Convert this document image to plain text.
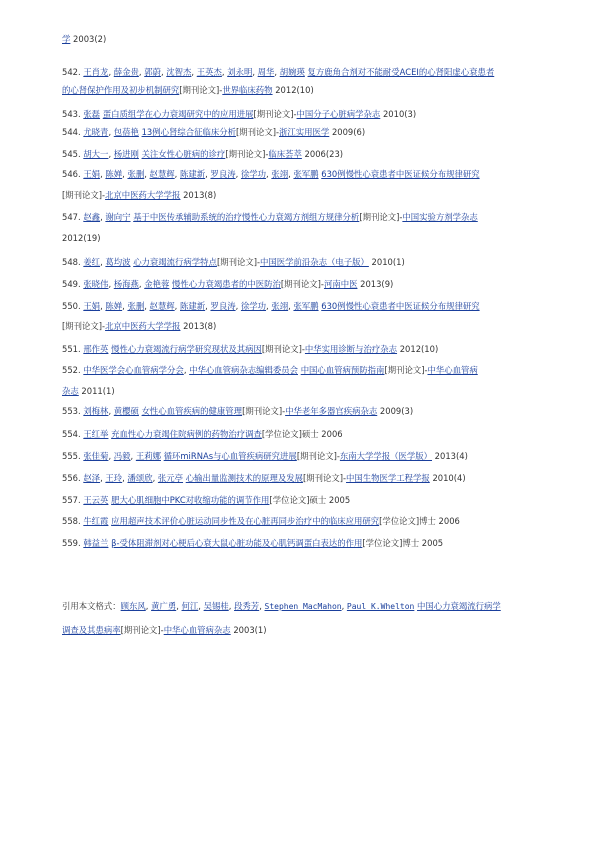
学 2003(2)
542. 王肖龙, 薛金贵, 郭蔚, 沈智杰, 王英杰, 刘永明, 周华, 胡婉瑛 复方鹿角合剂对不能耐受ACEI的心肾阳虚心衰患者
的心肾保护作用及初步机制研究[期刊论文]-世界临床药物 2012(10)
543. 张磊 蛋白质组学在心力衰竭研究中的应用进展[期刊论文]-中国分子心脏病学杂志 2010(3)
544. 尤晓青, 包蓓艳 13例心肾综合征临床分析[期刊论文]-浙江实用医学 2009(6)
545. 胡大一, 杨进刚 关注女性心脏病的诊疗[期刊论文]-临床荟萃 2006(23)
546. 王娟, 陈婵, 张删, 赵慧辉, 陈建新, 罗良涛, 徐学功, 张翊, 张军鹏 630例慢性心衰患者中医证候分布规律研究
[期刊论文]-北京中医药大学学报 2013(8)
547. 赵鑫, 谢向宁 基于中医传承辅助系统的治疗慢性心力衰竭方剂组方规律分析[期刊论文]-中国实验方剂学杂志
2012(19)
548. 姜红, 葛均波 心力衰竭流行病学特点[期刊论文]-中国医学前沿杂志（电子版） 2010(1)
549. 张晓伟, 杨海燕, 金艳蓉 慢性心力衰竭患者的中医防治[期刊论文]-河南中医 2013(9)
550. 王娟, 陈婵, 张删, 赵慧辉, 陈建新, 罗良涛, 徐学功, 张翊, 张军鹏 630例慢性心衰患者中医证候分布规律研究
[期刊论文]-北京中医药大学学报 2013(8)
551. 邢作英 慢性心力衰竭流行病学研究现状及其病因[期刊论文]-中华实用诊断与治疗杂志 2012(10)
552. 中华医学会心血管病学分会, 中华心血管病杂志编辑委员会 中国心血管病预防指南[期刊论文]-中华心血管病
杂志 2011(1)
553. 刘梅林, 黄櫻硕 女性心血管疾病的健康管理[期刊论文]-中华老年多器官疾病杂志 2009(3)
554. 王红举 充血性心力衰竭住院病例的药物治疗调查[学位论文]硕士 2006
555. 张佳菊, 冯毅, 王莉娜 循环miRNAs与心血管疾病研究进展[期刊论文]-东南大学学报（医学版） 2013(4)
556. 赵泽, 王玲, 潘颂欣, 张元亭 心输出量监测技术的原理及发展[期刊论文]-中国生物医学工程学报 2010(4)
557. 王云英 肥大心肌细胞中PKC对收缩功能的调节作用[学位论文]硕士 2005
558. 牛红霞 应用超声技术评价心脏运动同步性及在心脏再同步治疗中的临床应用研究[学位论文]博士 2006
559. 韩益兰 β-受体阻滞剂对心梗后心衰大鼠心脏功能及心肌钙调蛋白表达的作用[学位论文]博士 2005
引用本文格式：顾东风, 黄广勇, 何江, 吴锡桂, 段秀芳, Stephen MacMahon, Paul K.Whelton 中国心力衰竭流行病学
调查及其患病率[期刊论文]-中华心血管病杂志 2003(1)
